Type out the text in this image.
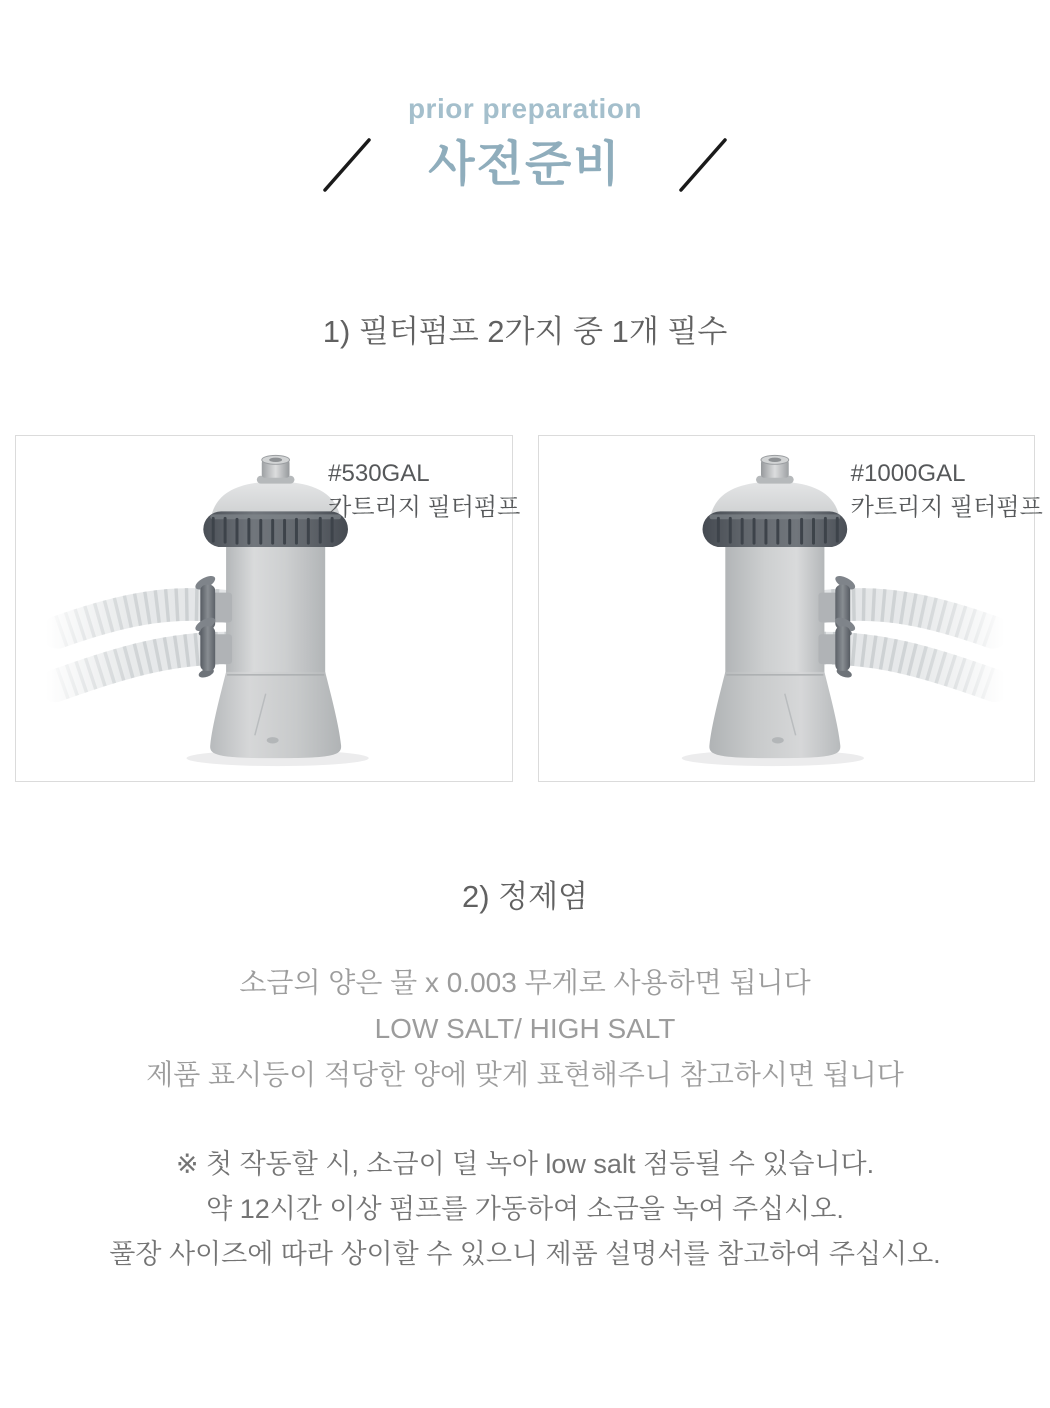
prior preparation
사전준비
1) 필터펌프 2가지 중 1개 필수
#530GAL
카트리지 필터펌프
#1000GAL
카트리지 필터펌프
2) 정제염

소금의 양은 물 x 0.003 무게로 사용하면 됩니다

LOW SALT/ HIGH SALT

제품 표시등이 적당한 양에 맞게 표현해주니 참고하시면 됩니다

※ 첫 작동할 시, 소금이 덜 녹아 low salt 점등될 수 있습니다.

약 12시간 이상 펌프를 가동하여 소금을 녹여 주십시오.

풀장 사이즈에 따라 상이할 수 있으니 제품 설명서를 참고하여 주십시오.
